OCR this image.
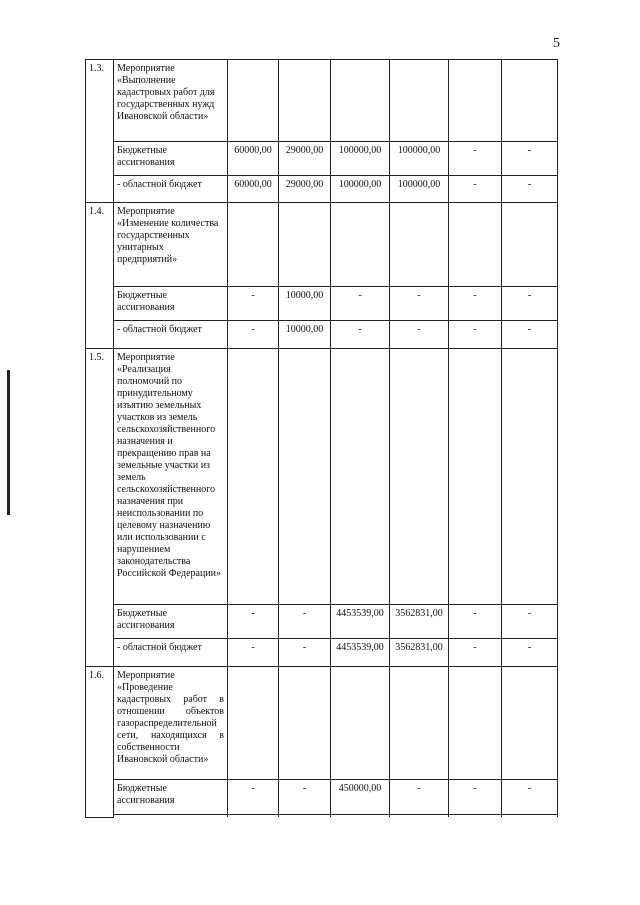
5
1.3.	Мероприятие «Выполнение кадастровых работ для государственных нужд Ивановской области»						
	Бюджетные ассигнования	60000,00	29000,00	100000,00	100000,00	-	-
	- областной бюджет	60000,00	29000,00	100000,00	100000,00	-	-
1.4.	Мероприятие «Изменение количества государственных унитарных предприятий»						
	Бюджетные ассигнования	-	10000,00	-	-	-	-
	- областной бюджет	-	10000,00	-	-	-	-
1.5.	Мероприятие «Реализация полномочий по принудительному изъятию земельных участков из земель сельскохозяйственного назначения и прекращению прав на земельные участки из земель сельскохозяйственного назначения при неиспользовании по целевому назначению или использовании с нарушением законодательства Российской Федерации»						
	Бюджетные ассигнования	-	-	4453539,00	3562831,00	-	-
	- областной бюджет	-	-	4453539,00	3562831,00	-	-
1.6.	Мероприятие «Проведение кадастровых работ в отношении объектов газораспределительной сети, находящихся в собственности Ивановской области»						
	Бюджетные ассигнования	-	-	450000,00	-	-	-
